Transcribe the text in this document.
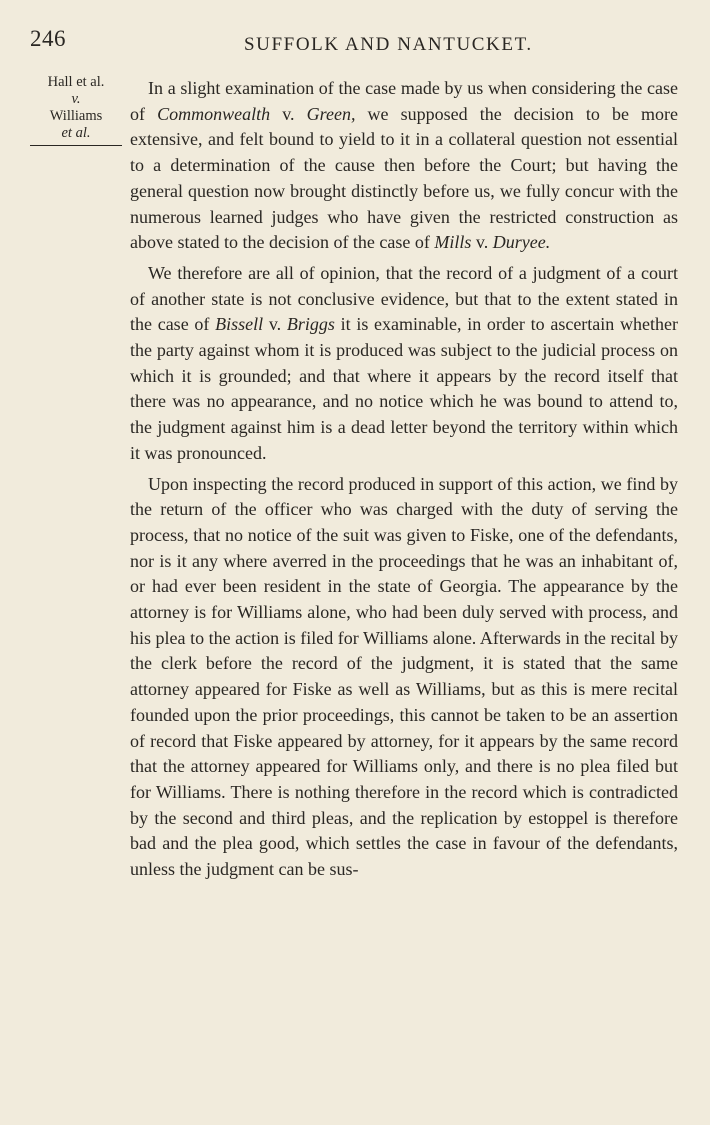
246	SUFFOLK AND NANTUCKET.
Hall et al.
v.
Williams
et al.

In a slight examination of the case made by us when considering the case of Commonwealth v. Green, we supposed the decision to be more extensive, and felt bound to yield to it in a collateral question not essential to a determination of the cause then before the Court; but having the general question now brought distinctly before us, we fully concur with the numerous learned judges who have given the restricted construction as above stated to the decision of the case of Mills v. Duryee.

We therefore are all of opinion, that the record of a judgment of a court of another state is not conclusive evidence, but that to the extent stated in the case of Bissell v. Briggs it is examinable, in order to ascertain whether the party against whom it is produced was subject to the judicial process on which it is grounded; and that where it appears by the record itself that there was no appearance, and no notice which he was bound to attend to, the judgment against him is a dead letter beyond the territory within which it was pronounced.

Upon inspecting the record produced in support of this action, we find by the return of the officer who was charged with the duty of serving the process, that no notice of the suit was given to Fiske, one of the defendants, nor is it any where averred in the proceedings that he was an inhabitant of, or had ever been resident in the state of Georgia. The appearance by the attorney is for Williams alone, who had been duly served with process, and his plea to the action is filed for Williams alone. Afterwards in the recital by the clerk before the record of the judgment, it is stated that the same attorney appeared for Fiske as well as Williams, but as this is mere recital founded upon the prior proceedings, this cannot be taken to be an assertion of record that Fiske appeared by attorney, for it appears by the same record that the attorney appeared for Williams only, and there is no plea filed but for Williams. There is nothing therefore in the record which is contradicted by the second and third pleas, and the replication by estoppel is therefore bad and the plea good, which settles the case in favour of the defendants, unless the judgment can be sus-
